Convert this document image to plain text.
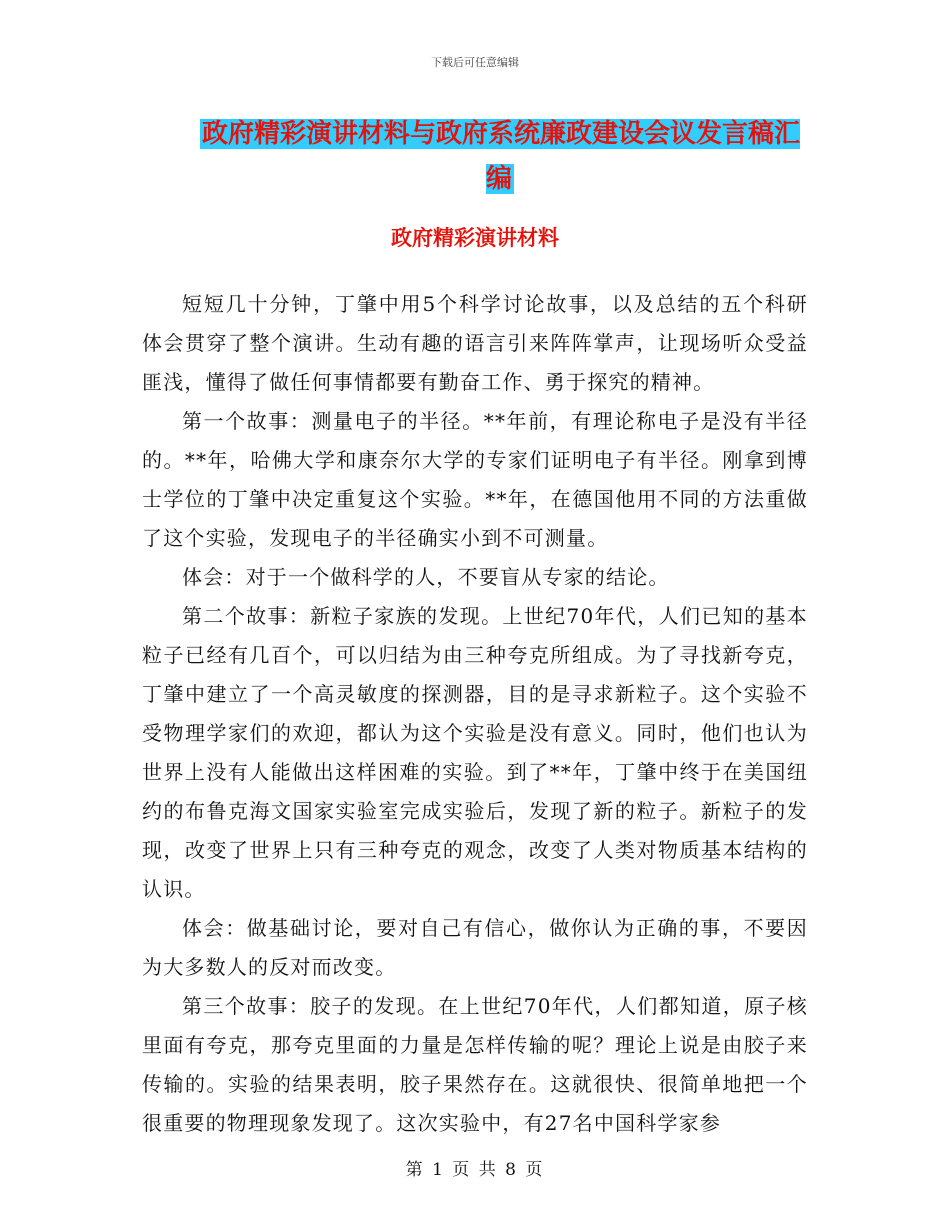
下载后可任意编辑
政府精彩演讲材料与政府系统廉政建设会议发言稿汇编
政府精彩演讲材料

短短几十分钟，丁肇中用5个科学讨论故事，以及总结的五个科研体会贯穿了整个演讲。生动有趣的语言引来阵阵掌声，让现场听众受益匪浅，懂得了做任何事情都要有勤奋工作、勇于探究的精神。

第一个故事：测量电子的半径。**年前，有理论称电子是没有半径的。**年，哈佛大学和康奈尔大学的专家们证明电子有半径。刚拿到博士学位的丁肇中决定重复这个实验。**年，在德国他用不同的方法重做了这个实验，发现电子的半径确实小到不可测量。

体会：对于一个做科学的人，不要盲从专家的结论。

第二个故事：新粒子家族的发现。上世纪70年代，人们已知的基本粒子已经有几百个，可以归结为由三种夸克所组成。为了寻找新夸克，丁肇中建立了一个高灵敏度的探测器，目的是寻求新粒子。这个实验不受物理学家们的欢迎，都认为这个实验是没有意义。同时，他们也认为世界上没有人能做出这样困难的实验。到了**年，丁肇中终于在美国纽约的布鲁克海文国家实验室完成实验后，发现了新的粒子。新粒子的发现，改变了世界上只有三种夸克的观念，改变了人类对物质基本结构的认识。

体会：做基础讨论，要对自己有信心，做你认为正确的事，不要因为大多数人的反对而改变。

第三个故事：胶子的发现。在上世纪70年代，人们都知道，原子核里面有夸克，那夸克里面的力量是怎样传输的呢？理论上说是由胶子来传输的。实验的结果表明，胶子果然存在。这就很快、很简单地把一个很重要的物理现象发现了。这次实验中，有27名中国科学家参

第 1 页 共 8 页
